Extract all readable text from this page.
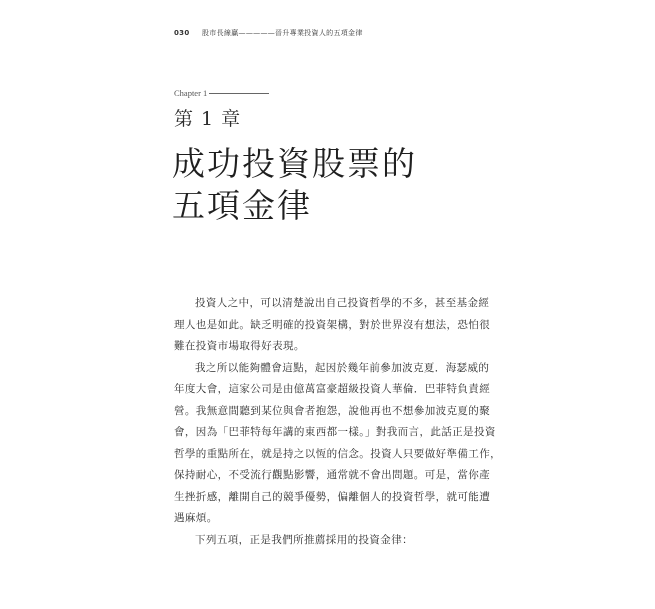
030 股市長線贏—————晉升專業投資人的五項金律
Chapter 1
第 1 章
成功投資股票的
五項金律
投資人之中，可以清楚說出自己投資哲學的不多，甚至基金經
理人也是如此。缺乏明確的投資架構，對於世界沒有想法，恐怕很
難在投資市場取得好表現。
我之所以能夠體會這點，起因於幾年前參加波克夏．海瑟威的
年度大會，這家公司是由億萬富豪超級投資人華倫．巴菲特負責經
營。我無意間聽到某位與會者抱怨，說他再也不想參加波克夏的聚
會，因為「巴菲特每年講的東西都一樣。」對我而言，此話正是投資
哲學的重點所在，就是持之以恆的信念。投資人只要做好準備工作，
保持耐心，不受流行觀點影響，通常就不會出問題。可是，當你產
生挫折感，離開自己的競爭優勢，偏離個人的投資哲學，就可能遭
遇麻煩。
下列五項，正是我們所推薦採用的投資金律：
